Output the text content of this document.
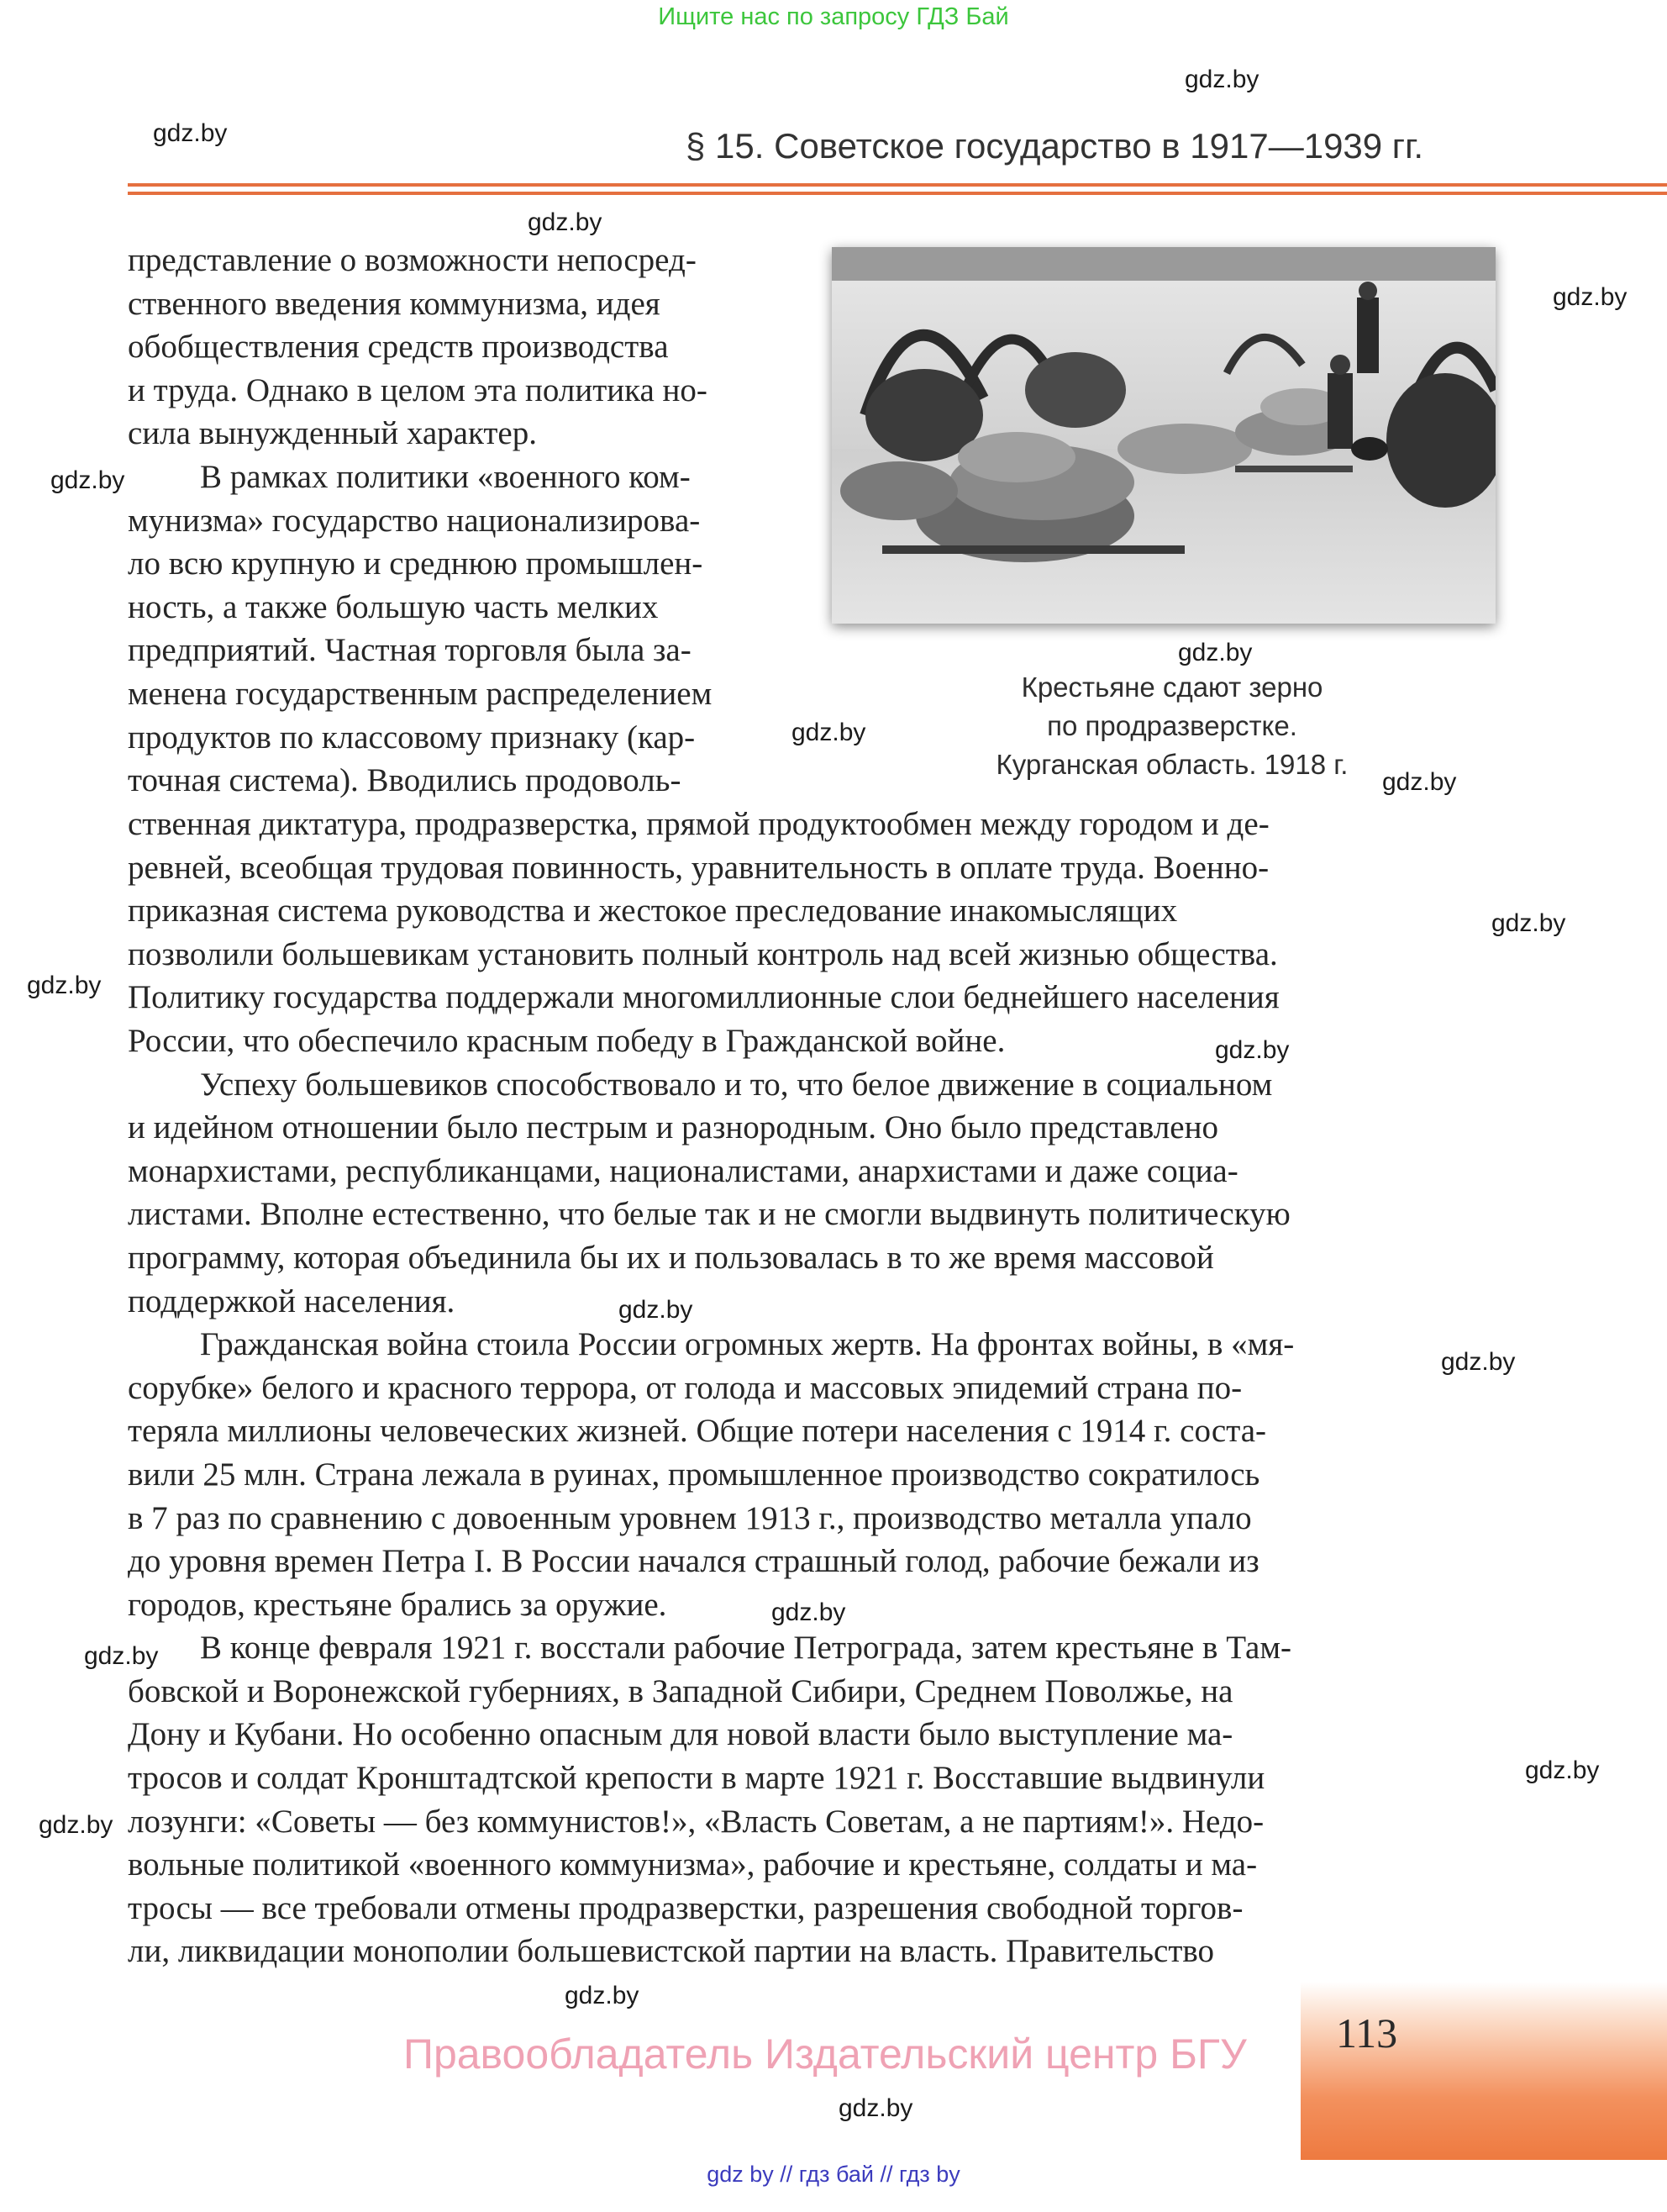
Ищите нас по запросу ГДЗ Бай
gdz.by
gdz.by
gdz.by
gdz.by
gdz.by
gdz.by
gdz.by
gdz.by
gdz.by
gdz.by
gdz.by
gdz.by
gdz.by
gdz.by
gdz.by
gdz.by
gdz.by
gdz.by
gdz.by
§ 15. Советское государство в 1917—1939 гг.
Крестьяне сдают зерно
по продразверстке.
Курганская область. 1918 г.

представление о возможности непосред-

ственного введения коммунизма, идея

обобществления средств производства

и труда. Однако в целом эта политика но-

сила вынужденный характер.

В рамках политики «военного ком-

мунизма» государство национализирова-

ло всю крупную и среднюю промышлен-

ность, а также большую часть мелких

предприятий. Частная торговля была за-

менена государственным распределением

продуктов по классовому признаку (кар-

точная система). Вводились продоволь-

ственная диктатура, продразверстка, прямой продуктообмен между городом и де-

ревней, всеобщая трудовая повинность, уравнительность в оплате труда. Военно-

приказная система руководства и жестокое преследование инакомыслящих

позволили большевикам установить полный контроль над всей жизнью общества.

Политику государства поддержали многомиллионные слои беднейшего населения

России, что обеспечило красным победу в Гражданской войне.

Успеху большевиков способствовало и то, что белое движение в социальном

и идейном отношении было пестрым и разнородным. Оно было представлено

монархистами, республиканцами, националистами, анархистами и даже социа-

листами. Вполне естественно, что белые так и не смогли выдвинуть политическую

программу, которая объединила бы их и пользовалась в то же время массовой

поддержкой населения.

Гражданская война стоила России огромных жертв. На фронтах войны, в «мя-

сорубке» белого и красного террора, от голода и массовых эпидемий страна по-

теряла миллионы человеческих жизней. Общие потери населения с 1914 г. соста-

вили 25 млн. Страна лежала в руинах, промышленное производство сократилось

в 7 раз по сравнению с довоенным уровнем 1913 г., производство металла упало

до уровня времен Петра I. В России начался страшный голод, рабочие бежали из

городов, крестьяне брались за оружие.

В конце февраля 1921 г. восстали рабочие Петрограда, затем крестьяне в Там-

бовской и Воронежской губерниях, в Западной Сибири, Среднем Поволжье, на

Дону и Кубани. Но особенно опасным для новой власти было выступление ма-

тросов и солдат Кронштадтской крепости в марте 1921 г. Восставшие выдвинули

лозунги: «Советы — без коммунистов!», «Власть Советам, а не партиям!». Недо-

вольные политикой «военного коммунизма», рабочие и крестьяне, солдаты и ма-

тросы — все требовали отмены продразверстки, разрешения свободной торгов-

ли, ликвидации монополии большевистской партии на власть. Правительство

113
Правообладатель Издательский центр БГУ
gdz by // гдз бай // гдз by
